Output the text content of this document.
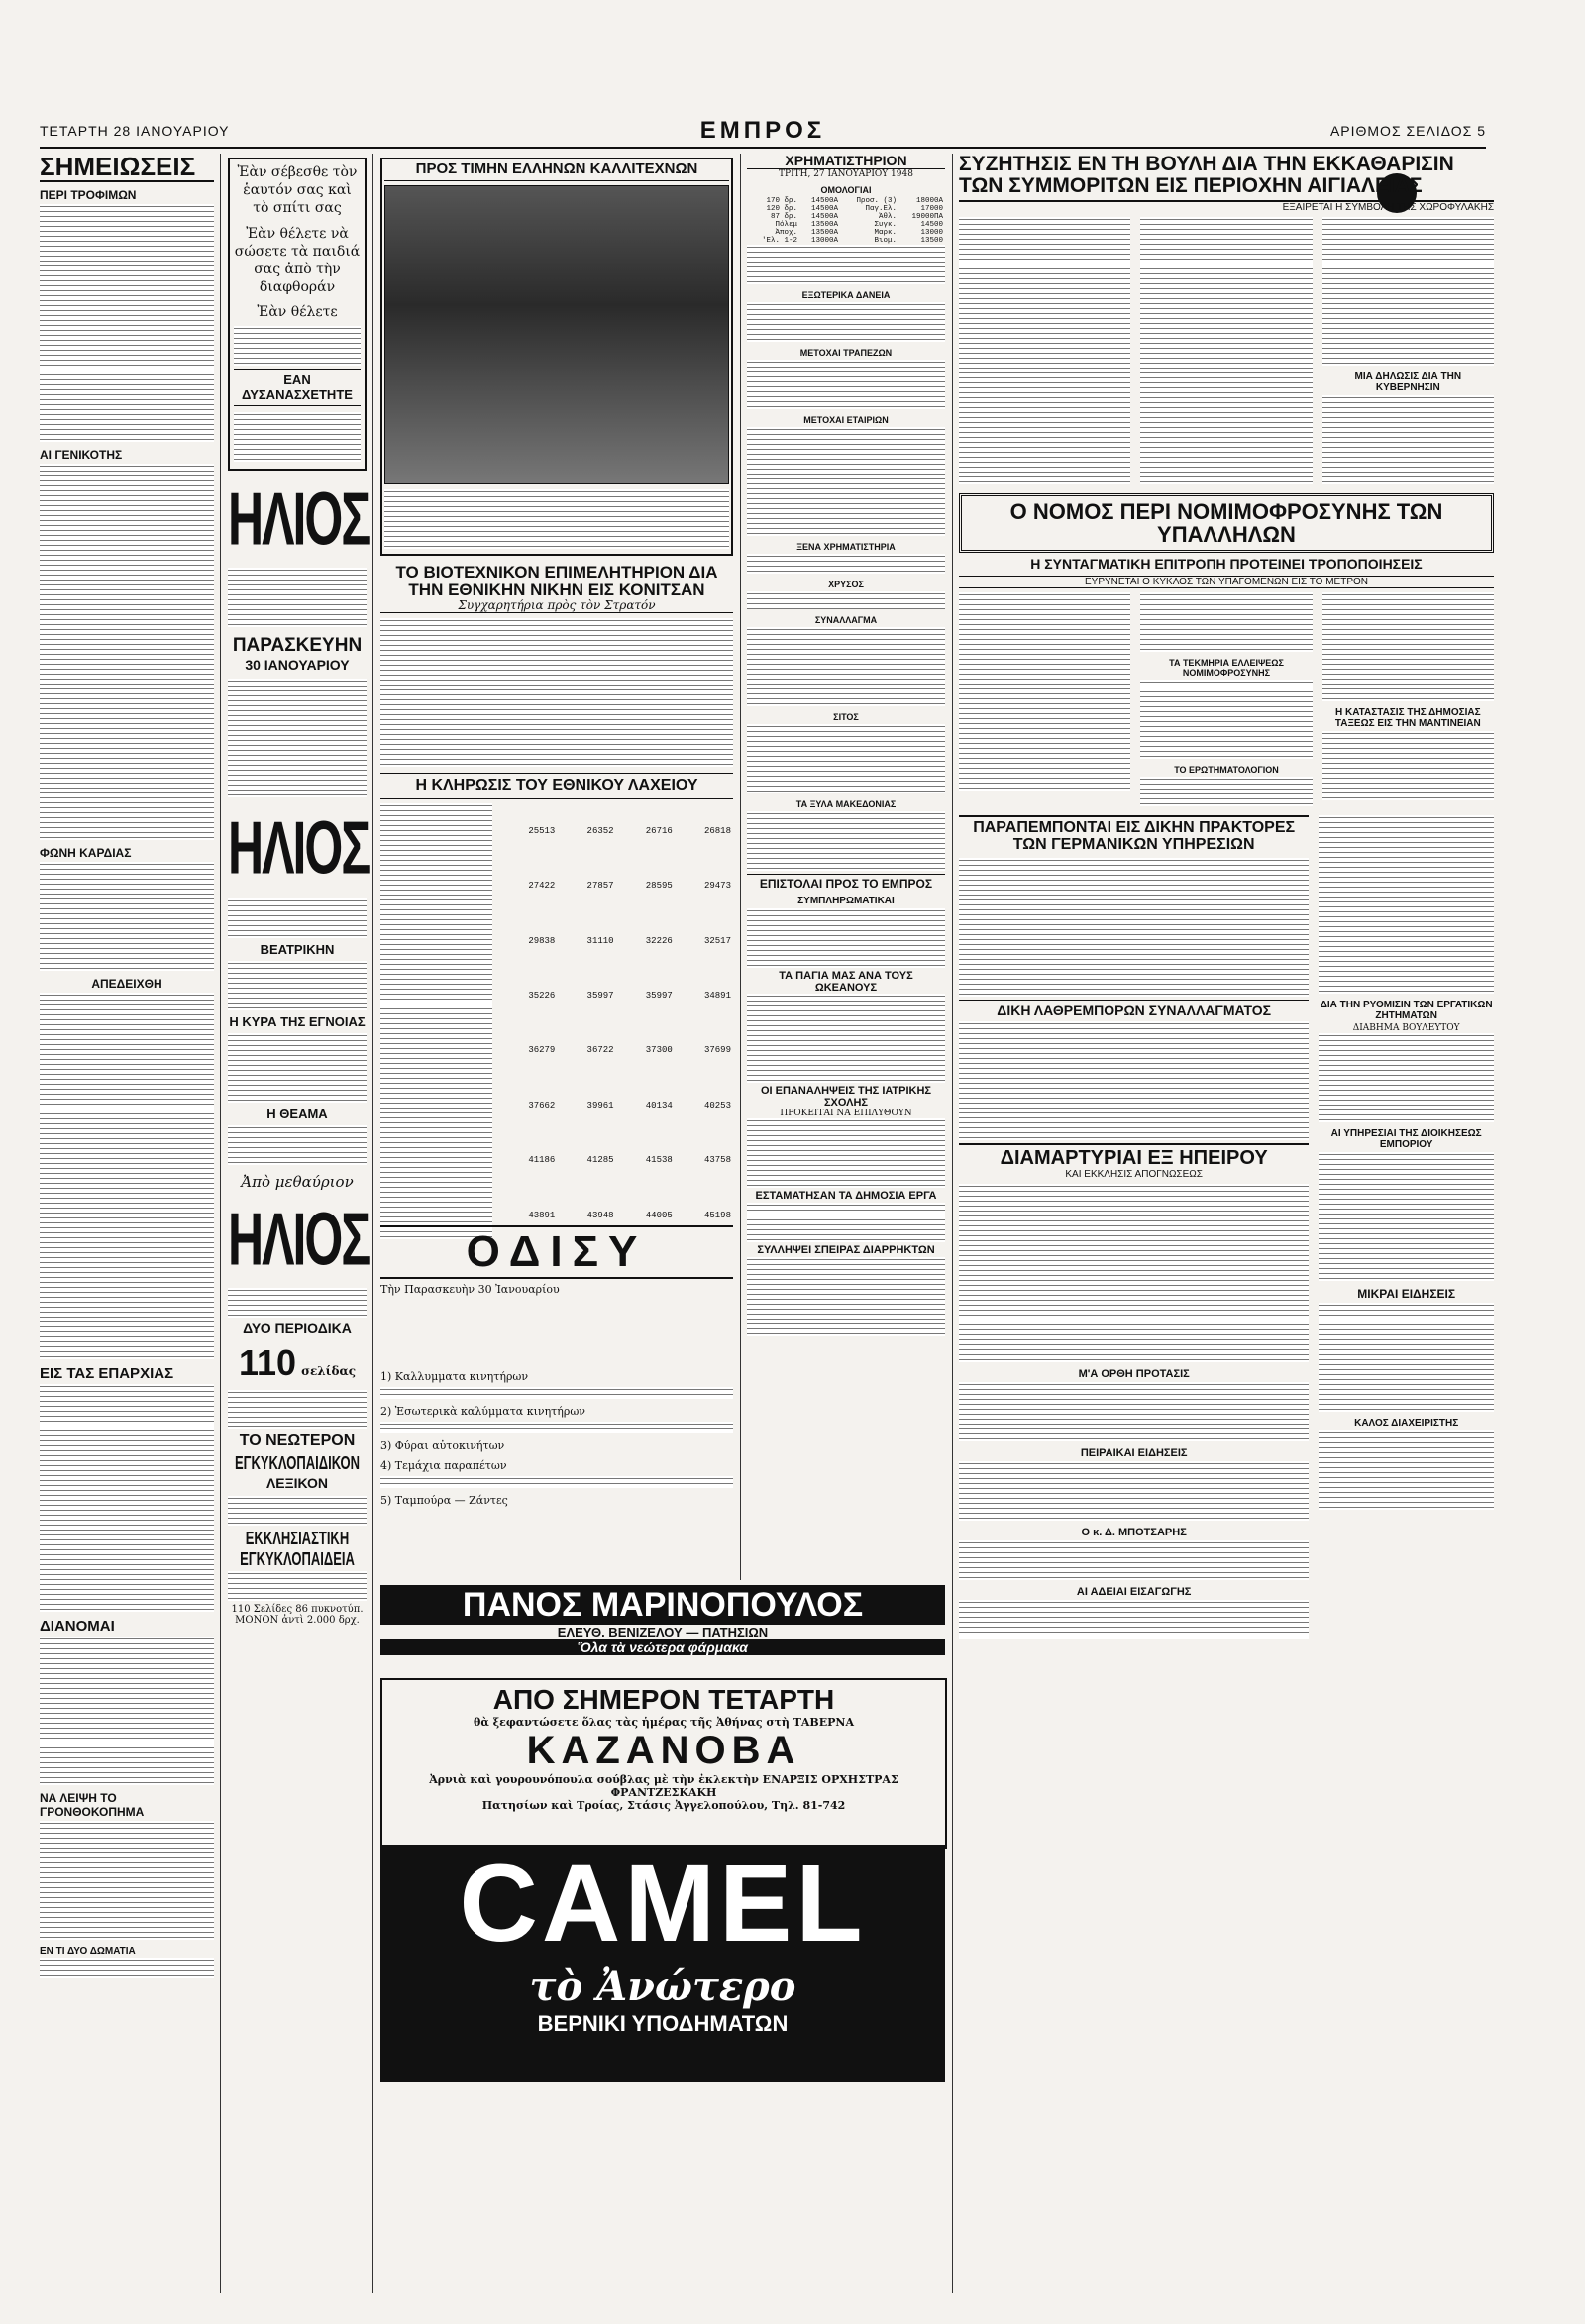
ΤΕΤΑΡΤΗ 28 ΙΑΝΟΥΑΡΙΟΥ	ΕΜΠΡΟΣ	ΑΡΙΘΜΟΣ ΣΕΛΙΔΟΣ 5
ΣΗΜΕΙΩΣΕΙΣ
ΠΕΡΙ ΤΡΟΦΙΜΩΝ
ΑΙ ΓΕΝΙΚΟΤΗΣ
ΦΩΝΗ ΚΑΡΔΙΑΣ
ΑΠΕΔΕΙΧΘΗ
ΕΙΣ ΤΑΣ ΕΠΑΡΧΙΑΣ
ΔΙΑΝΟΜΑΙ
ΝΑ ΛΕΙΨΗ ΤΟ ΓΡΟΝΘΟΚΟΠΗΜΑ
ΕΝ ΤΙ ΔΥΟ ΔΩΜΑΤΙΑ
Ἐὰν σέβεσθε τὸν ἑαυτόν σας καὶ τὸ σπίτι σας
Ἐὰν θέλετε νὰ σώσετε τὰ παιδιά σας ἀπὸ τὴν διαφθοράν
Ἐὰν θέλετε
ΕΑΝ ΔΥΣΑΝΑΣΧΕΤΗΤΕ
ΗΛΙΟΣ
ΠΑΡΑΣΚΕΥΗΝ
30 ΙΑΝΟΥΑΡΙΟΥ
ΗΛΙΟΣ
ΒΕΑΤΡΙΚΗΝ
Η ΚΥΡΑ ΤΗΣ ΕΓΝΟΙΑΣ
Η ΘΕΑΜΑ
Ἀπὸ μεθαύριον
ΗΛΙΟΣ
ΔΥΟ ΠΕΡΙΟΔΙΚΑ
110 σελίδας
ΤΟ ΝΕΩΤΕΡΟΝ
ΕΓΚΥΚΛΟΠΑΙΔΙΚΟΝ
ΛΕΞΙΚΟΝ
ΕΚΚΛΗΣΙΑΣΤΙΚΗ ΕΓΚΥΚΛΟΠΑΙΔΕΙΑ
110 Σελίδες 86 πυκνοτύπ. ΜΟΝΟΝ ἀντὶ 2.000 δρχ.
ΠΡΟΣ ΤΙΜΗΝ ΕΛΛΗΝΩΝ ΚΑΛΛΙΤΕΧΝΩΝ
ΤΟ ΒΙΟΤΕΧΝΙΚΟΝ ΕΠΙΜΕΛΗΤΗΡΙΟΝ ΔΙΑ ΤΗΝ ΕΘΝΙΚΗΝ ΝΙΚΗΝ ΕΙΣ ΚΟΝΙΤΣΑΝ
Συγχαρητήρια πρὸς τὸν Στρατόν
Η ΚΛΗΡΩΣΙΣ ΤΟΥ ΕΘΝΙΚΟΥ ΛΑΧΕΙΟΥ
25513	26352	26716	26818
27422	27857	28595	29473
29838	31110	32226	32517
35226	35997	35997	34891
36279	36722	37300	37699
37662	39961	40134	40253
41186	41285	41538	43758
43891	43948	44005	45198
ΟΔΙΣΥ
Τὴν Παρασκευὴν 30 Ἰανουαρίου
1) Καλλυμματα κινητήρων
2) Ἐσωτερικὰ καλύμματα κινητήρων
3) Φύραι αὐτοκινήτων
4) Τεμάχια παραπέτων
5) Ταμπούρα — Ζάντες
ΧΡΗΜΑΤΙΣΤΗΡΙΟΝ
ΤΡΙΤΗ, 27 ΙΑΝΟΥΑΡΙΟΥ 1948
ΟΜΟΛΟΓΙΑΙ
170 δρ.	14500Α	Προσ. (3)	18000Α
120 δρ.	14500Α	Παγ.Ελ.	17000
87 δρ.	14500Α	Ἀθλ.	19000ΠΑ
Πόλεμ	13500Α	Συγκ.	14500
Ἀποχ.	13500Α	Μαρκ.	13000
'Ελ. 1-2	13000Α	Βιομ.	13500
ΕΞΩΤΕΡΙΚΑ ΔΑΝΕΙΑ
ΜΕΤΟΧΑΙ ΤΡΑΠΕΖΩΝ
ΜΕΤΟΧΑΙ ΕΤΑΙΡΙΩΝ
ΞΕΝΑ ΧΡΗΜΑΤΙΣΤΗΡΙΑ
ΧΡΥΣΟΣ
ΣΥΝΑΛΛΑΓΜΑ
ΣΙΤΟΣ
ΤΑ ΞΥΛΑ ΜΑΚΕΔΟΝΙΑΣ
ΕΠΙΣΤΟΛΑΙ ΠΡΟΣ ΤΟ ΕΜΠΡΟΣ
ΣΥΜΠΛΗΡΩΜΑΤΙΚΑΙ
ΤΑ ΠΑΓΙΑ ΜΑΣ ΑΝΑ ΤΟΥΣ ΩΚΕΑΝΟΥΣ
ΟΙ ΕΠΑΝΑΛΗΨΕΙΣ ΤΗΣ ΙΑΤΡΙΚΗΣ ΣΧΟΛΗΣ
ΠΡΟΚΕΙΤΑΙ ΝΑ ΕΠΙΛΥΘΟΥΝ
ΕΣΤΑΜΑΤΗΣΑΝ ΤΑ ΔΗΜΟΣΙΑ ΕΡΓΑ
ΣΥΛΛΗΨΕΙ ΣΠΕΙΡΑΣ ΔΙΑΡΡΗΚΤΩΝ
ΠΑΝΟΣ ΜΑΡΙΝΟΠΟΥΛΟΣ
ΕΛΕΥΘ. ΒΕΝΙΖΕΛΟΥ — ΠΑΤΗΣΙΩΝ
Ὅλα τὰ νεώτερα φάρμακα
ΑΠΟ ΣΗΜΕΡΟΝ ΤΕΤΑΡΤΗ
θὰ ξεφαντώσετε ὅλας τὰς ἡμέρας τῆς Ἀθήνας στὴ ΤΑΒΕΡΝΑ
ΚΑΖΑΝΟΒΑ
Ἀρνιὰ καὶ γουρουνόπουλα σούβλας μὲ τὴν ἐκλεκτὴν ΕΝΑΡΞΙΣ ΟΡΧΗΣΤΡΑΣ ΦΡΑΝΤΖΕΣΚΑΚΗ
Πατησίων καὶ Τροίας, Στάσις Ἀγγελοπούλου, Τηλ. 81-742
CAMEL
τὸ Ἀνώτερο
ΒΕΡΝΙΚΙ ΥΠΟΔΗΜΑΤΩΝ
ΣΥΖΗΤΗΣΙΣ ΕΝ ΤΗ ΒΟΥΛΗ ΔΙΑ ΤΗΝ ΕΚΚΑΘΑΡΙΣΙΝ ΤΩΝ ΣΥΜΜΟΡΙΤΩΝ ΕΙΣ ΠΕΡΙΟΧΗΝ ΑΙΓΙΑΛΕΙΑΣ
ΕΞΑΙΡΕΤΑΙ Η ΣΥΜΒΟΛΗ ΤΗΣ ΧΩΡΟΦΥΛΑΚΗΣ
ΜΙΑ ΔΗΛΩΣΙΣ ΔΙΑ ΤΗΝ ΚΥΒΕΡΝΗΣΙΝ
Ο ΝΟΜΟΣ ΠΕΡΙ ΝΟΜΙΜΟΦΡΟΣΥΝΗΣ ΤΩΝ ΥΠΑΛΛΗΛΩΝ
Η ΣΥΝΤΑΓΜΑΤΙΚΗ ΕΠΙΤΡΟΠΗ ΠΡΟΤΕΙΝΕΙ ΤΡΟΠΟΠΟΙΗΣΕΙΣ
ΕΥΡΥΝΕΤΑΙ Ο ΚΥΚΛΟΣ ΤΩΝ ΥΠΑΓΟΜΕΝΩΝ ΕΙΣ ΤΟ ΜΕΤΡΟΝ
ΤΑ ΤΕΚΜΗΡΙΑ ΕΛΛΕΙΨΕΩΣ ΝΟΜΙΜΟΦΡΟΣΥΝΗΣ
ΤΟ ΕΡΩΤΗΜΑΤΟΛΟΓΙΟΝ
Η ΚΑΤΑΣΤΑΣΙΣ ΤΗΣ ΔΗΜΟΣΙΑΣ ΤΑΞΕΩΣ ΕΙΣ ΤΗΝ ΜΑΝΤΙΝΕΙΑΝ
ΠΑΡΑΠΕΜΠΟΝΤΑΙ ΕΙΣ ΔΙΚΗΝ ΠΡΑΚΤΟΡΕΣ ΤΩΝ ΓΕΡΜΑΝΙΚΩΝ ΥΠΗΡΕΣΙΩΝ
ΔΙΚΗ ΛΑΘΡΕΜΠΟΡΩΝ ΣΥΝΑΛΛΑΓΜΑΤΟΣ
ΔΙΑΜΑΡΤΥΡΙΑΙ ΕΞ ΗΠΕΙΡΟΥ
ΚΑΙ ΕΚΚΛΗΣΙΣ ΑΠΟΓΝΩΣΕΩΣ
Μ'Α ΟΡΘΗ ΠΡΟΤΑΣΙΣ
ΠΕΙΡΑΙΚΑΙ ΕΙΔΗΣΕΙΣ
Ο κ. Δ. ΜΠΟΤΣΑΡΗΣ
ΑΙ ΑΔΕΙΑΙ ΕΙΣΑΓΩΓΗΣ
ΔΙΑ ΤΗΝ ΡΥΘΜΙΣΙΝ ΤΩΝ ΕΡΓΑΤΙΚΩΝ ΖΗΤΗΜΑΤΩΝ
ΔΙΑΒΗΜΑ ΒΟΥΛΕΥΤΟΥ
ΑΙ ΥΠΗΡΕΣΙΑΙ ΤΗΣ ΔΙΟΙΚΗΣΕΩΣ ΕΜΠΟΡΙΟΥ
ΜΙΚΡΑΙ ΕΙΔΗΣΕΙΣ
ΚΑΛΟΣ ΔΙΑΧΕΙΡΙΣΤΗΣ
